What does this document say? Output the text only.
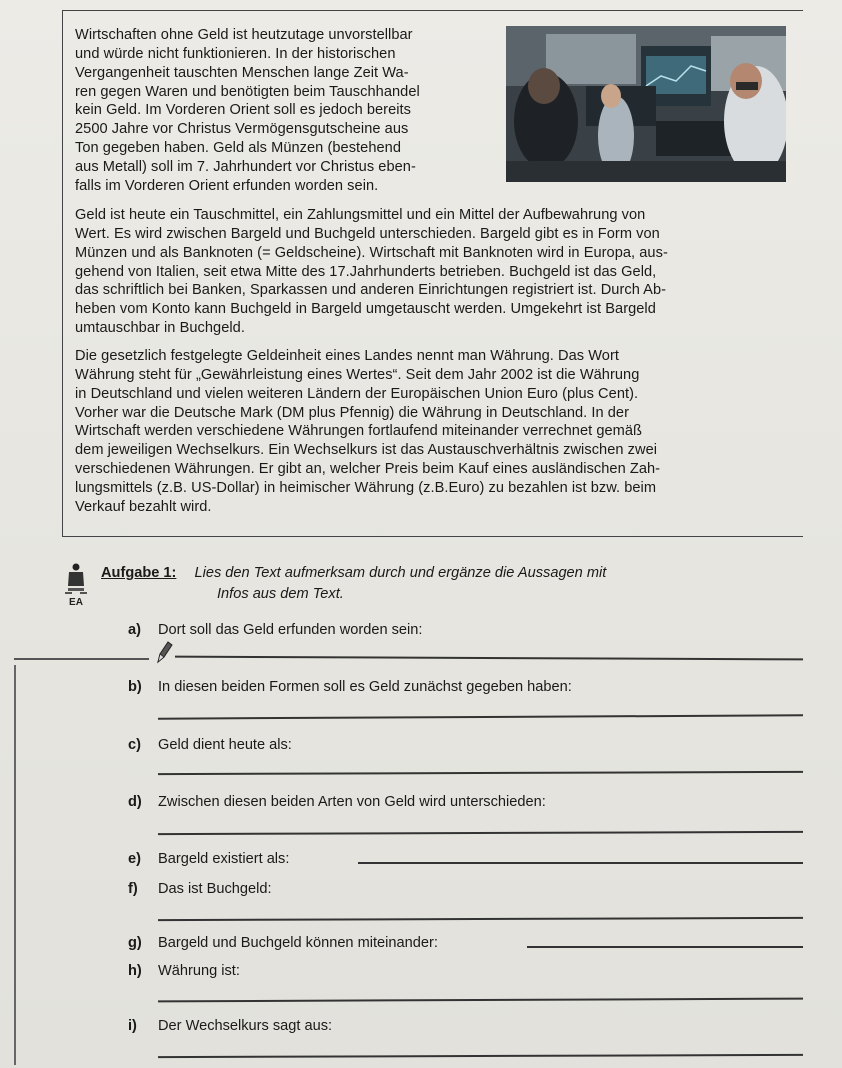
Wirtschaften ohne Geld ist heutzutage unvorstellbar
und würde nicht funktionieren. In der historischen
Vergangenheit tauschten Menschen lange Zeit Wa-
ren gegen Waren und benötigten beim Tauschhandel
kein Geld. Im Vorderen Orient soll es jedoch bereits
2500 Jahre vor Christus Vermögensgutscheine aus
Ton gegeben haben. Geld als Münzen (bestehend
aus Metall) soll im 7. Jahrhundert vor Christus eben-
falls im Vorderen Orient erfunden worden sein.
Geld ist heute ein Tauschmittel, ein Zahlungsmittel und ein Mittel der Aufbewahrung von
Wert. Es wird zwischen Bargeld und Buchgeld unterschieden. Bargeld gibt es in Form von
Münzen und als Banknoten (= Geldscheine). Wirtschaft mit Banknoten wird in Europa, aus-
gehend von Italien, seit etwa Mitte des 17.Jahrhunderts betrieben. Buchgeld ist das Geld,
das schriftlich bei Banken, Sparkassen und anderen Einrichtungen registriert ist. Durch Ab-
heben vom Konto kann Buchgeld in Bargeld umgetauscht werden. Umgekehrt ist Bargeld
umtauschbar in Buchgeld.
Die gesetzlich festgelegte Geldeinheit eines Landes nennt man Währung. Das Wort
Währung steht für „Gewährleistung eines Wertes“. Seit dem Jahr 2002 ist die Währung
in Deutschland und vielen weiteren Ländern der Europäischen Union Euro (plus Cent).
Vorher war die Deutsche Mark (DM plus Pfennig) die Währung in Deutschland. In der
Wirtschaft werden verschiedene Währungen fortlaufend miteinander verrechnet gemäß
dem jeweiligen Wechselkurs. Ein Wechselkurs ist das Austauschverhältnis zwischen zwei
verschiedenen Währungen. Er gibt an, welcher Preis beim Kauf eines ausländischen Zah-
lungsmittels (z.B. US-Dollar) in heimischer Währung (z.B.Euro) zu bezahlen ist bzw. beim
Verkauf bezahlt wird.
EA
Aufgabe 1: Lies den Text aufmerksam durch und ergänze die Aussagen mit
Infos aus dem Text.
a) Dort soll das Geld erfunden worden sein:
b) In diesen beiden Formen soll es Geld zunächst gegeben haben:
c) Geld dient heute als:
d) Zwischen diesen beiden Arten von Geld wird unterschieden:
e) Bargeld existiert als:
f) Das ist Buchgeld:
g) Bargeld und Buchgeld können miteinander:
h) Währung ist:
i) Der Wechselkurs sagt aus:
